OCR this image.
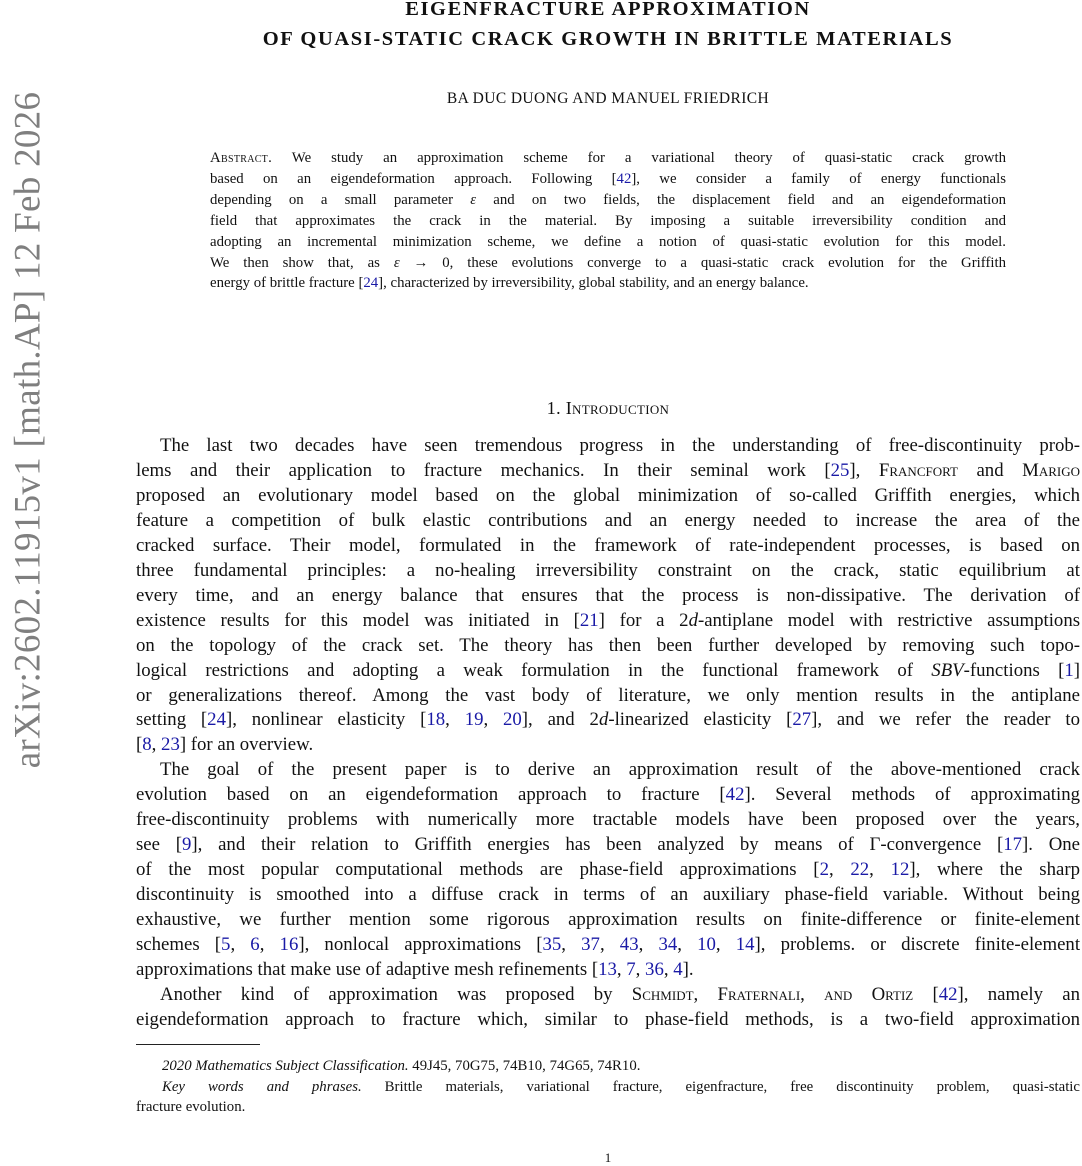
arXiv:2602.11915v1 [math.AP] 12 Feb 2026
EIGENFRACTURE APPROXIMATION
OF QUASI-STATIC CRACK GROWTH IN BRITTLE MATERIALS
BA DUC DUONG AND MANUEL FRIEDRICH
Abstract. We study an approximation scheme for a variational theory of quasi-static crack growth
based on an eigendeformation approach. Following [42], we consider a family of energy functionals
depending on a small parameter ε and on two fields, the displacement field and an eigendeformation
field that approximates the crack in the material. By imposing a suitable irreversibility condition and
adopting an incremental minimization scheme, we define a notion of quasi-static evolution for this model.
We then show that, as ε → 0, these evolutions converge to a quasi-static crack evolution for the Griffith
energy of brittle fracture [24], characterized by irreversibility, global stability, and an energy balance.
1. Introduction
The last two decades have seen tremendous progress in the understanding of free-discontinuity prob-
lems and their application to fracture mechanics. In their seminal work [25], Francfort and Marigo
proposed an evolutionary model based on the global minimization of so-called Griffith energies, which
feature a competition of bulk elastic contributions and an energy needed to increase the area of the
cracked surface. Their model, formulated in the framework of rate-independent processes, is based on
three fundamental principles: a no-healing irreversibility constraint on the crack, static equilibrium at
every time, and an energy balance that ensures that the process is non-dissipative. The derivation of
existence results for this model was initiated in [21] for a 2d-antiplane model with restrictive assumptions
on the topology of the crack set. The theory has then been further developed by removing such topo-
logical restrictions and adopting a weak formulation in the functional framework of SBV-functions [1]
or generalizations thereof. Among the vast body of literature, we only mention results in the antiplane
setting [24], nonlinear elasticity [18, 19, 20], and 2d-linearized elasticity [27], and we refer the reader to
[8, 23] for an overview.
The goal of the present paper is to derive an approximation result of the above-mentioned crack
evolution based on an eigendeformation approach to fracture [42]. Several methods of approximating
free-discontinuity problems with numerically more tractable models have been proposed over the years,
see [9], and their relation to Griffith energies has been analyzed by means of Γ-convergence [17]. One
of the most popular computational methods are phase-field approximations [2, 22, 12], where the sharp
discontinuity is smoothed into a diffuse crack in terms of an auxiliary phase-field variable. Without being
exhaustive, we further mention some rigorous approximation results on finite-difference or finite-element
schemes [5, 6, 16], nonlocal approximations [35, 37, 43, 34, 10, 14], problems. or discrete finite-element
approximations that make use of adaptive mesh refinements [13, 7, 36, 4].
Another kind of approximation was proposed by Schmidt, Fraternali, and Ortiz [42], namely an
eigendeformation approach to fracture which, similar to phase-field methods, is a two-field approximation
2020 Mathematics Subject Classification. 49J45, 70G75, 74B10, 74G65, 74R10.
Key words and phrases. Brittle materials, variational fracture, eigenfracture, free discontinuity problem, quasi-static
fracture evolution.
1
